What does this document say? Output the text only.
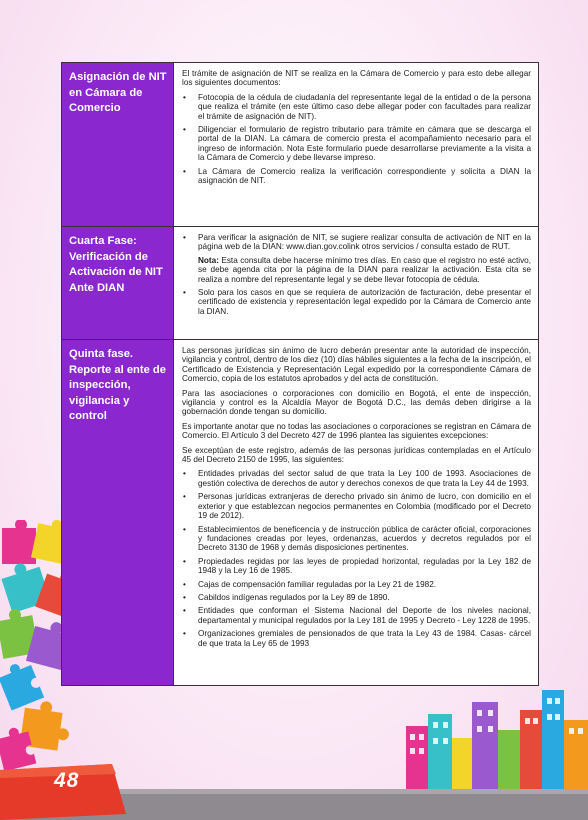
Asignación de NIT en Cámara de Comercio

El trámite de asignación de NIT se realiza en la Cámara de Comercio y para esto debe allegar los siguientes documentos:

• Fotocopia de la cédula de ciudadanía del representante legal de la entidad o de la persona que realiza el trámite (en este último caso debe allegar poder con facultades para realizar el trámite de asignación de NIT).
• Diligenciar el formulario de registro tributario para trámite en cámara que se descarga el portal de la DIAN. La cámara de comercio presta el acompañamiento necesario para el ingreso de información. Nota Este formulario puede desarrollarse previamente a la visita a la Cámara de Comercio y debe llevarse impreso.
• La Cámara de Comercio realiza la verificación correspondiente y solicita a DIAN la asignación de NIT.
Cuarta Fase: Verificación de Activación de NIT Ante DIAN
• Para verificar la asignación de NIT, se sugiere realizar consulta de activación de NIT en la página web de la DIAN: www.dian.gov.colink otros servicios / consulta estado de RUT.
Nota: Esta consulta debe hacerse mínimo tres días. En caso que el registro no esté activo, se debe agenda cita por la página de la DIAN para realizar la activación. Esta cita se realiza a nombre del representante legal y se debe llevar fotocopia de cédula.
• Solo para los casos en que se requiera de autorización de facturación, debe presentar el certificado de existencia y representación legal expedido por la Cámara de Comercio ante la DIAN.
Quinta fase. Reporte al ente de inspección, vigilancia y control

Las personas jurídicas sin ánimo de lucro deberán presentar ante la autoridad de inspección, vigilancia y control, dentro de los diez (10) días hábiles siguientes a la fecha de la inscripción, el Certificado de Existencia y Representación Legal expedido por la correspondiente Cámara de Comercio, copia de los estatutos aprobados y del acta de constitución.

Para las asociaciones o corporaciones con domicilio en Bogotá, el ente de inspección, vigilancia y control es la Alcaldía Mayor de Bogotá D.C., las demás deben dirigirse a la gobernación donde tengan su domicilio.

Es importante anotar que no todas las asociaciones o corporaciones se registran en Cámara de Comercio. El Artículo 3 del Decreto 427 de 1996 plantea las siguientes excepciones:

Se exceptúan de este registro, además de las personas jurídicas contempladas en el Artículo 45 del Decreto 2150 de 1995, las siguientes:

• Entidades privadas del sector salud de que trata la Ley 100 de 1993. Asociaciones de gestión colectiva de derechos de autor y derechos conexos de que trata la Ley 44 de 1993.
• Personas jurídicas extranjeras de derecho privado sin ánimo de lucro, con domicilio en el exterior y que establezcan negocios permanentes en Colombia (modificado por el Decreto 19 de 2012).
• Establecimientos de beneficencia y de instrucción pública de carácter oficial, corporaciones y fundaciones creadas por leyes, ordenanzas, acuerdos y decretos regulados por el Decreto 3130 de 1968 y demás disposiciones pertinentes.
• Propiedades regidas por las leyes de propiedad horizontal, reguladas por la Ley 182 de 1948 y la Ley 16 de 1985.
• Cajas de compensación familiar reguladas por la Ley 21 de 1982.
• Cabildos indígenas regulados por la Ley 89 de 1890.
• Entidades que conforman el Sistema Nacional del Deporte de los niveles nacional, departamental y municipal regulados por la Ley 181 de 1995 y Decreto - Ley 1228 de 1995.
• Organizaciones gremiales de pensionados de que trata la Ley 43 de 1984. Casas- cárcel de que trata la Ley 65 de 1993
48
